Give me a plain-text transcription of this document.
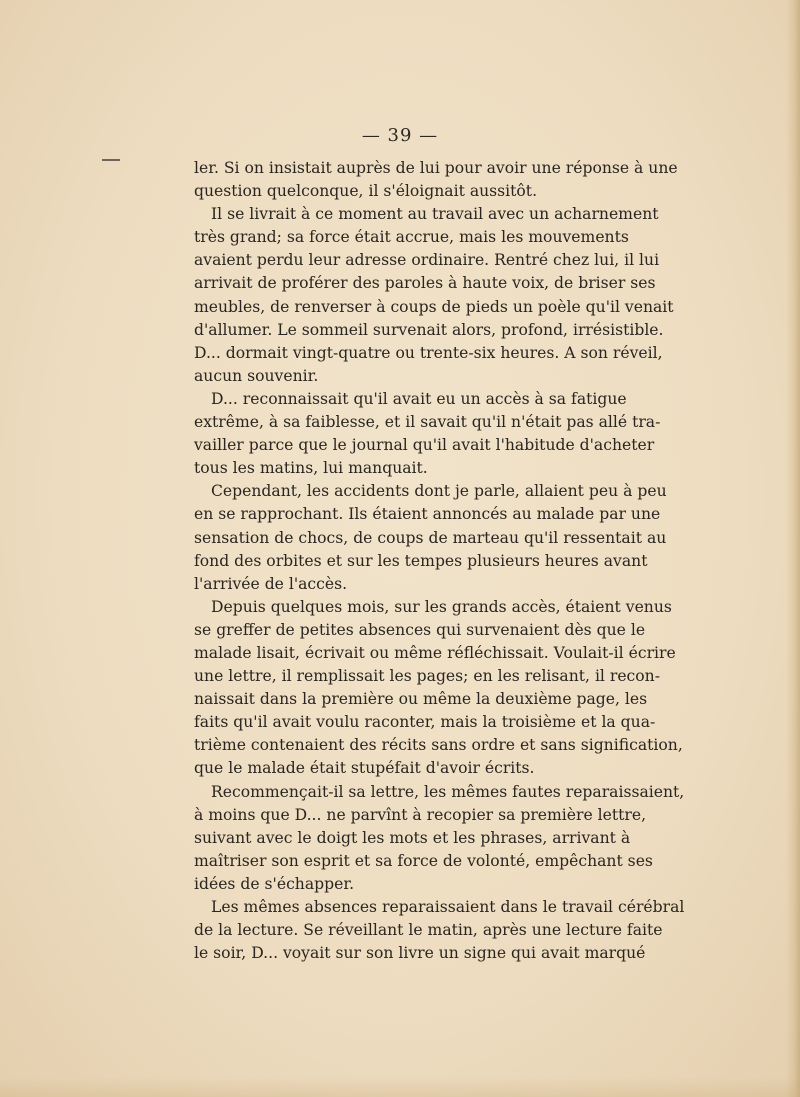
— 39 —
ler. Si on insistait auprès de lui pour avoir une réponse à une
question quelconque, il s'éloignait aussitôt.
Il se livrait à ce moment au travail avec un acharnement
très grand; sa force était accrue, mais les mouvements
avaient perdu leur adresse ordinaire. Rentré chez lui, il lui
arrivait de proférer des paroles à haute voix, de briser ses
meubles, de renverser à coups de pieds un poèle qu'il venait
d'allumer. Le sommeil survenait alors, profond, irrésistible.
D... dormait vingt-quatre ou trente-six heures. A son réveil,
aucun souvenir.
D... reconnaissait qu'il avait eu un accès à sa fatigue
extrême, à sa faiblesse, et il savait qu'il n'était pas allé tra-
vailler parce que le journal qu'il avait l'habitude d'acheter
tous les matins, lui manquait.
Cependant, les accidents dont je parle, allaient peu à peu
en se rapprochant. Ils étaient annoncés au malade par une
sensation de chocs, de coups de marteau qu'il ressentait au
fond des orbites et sur les tempes plusieurs heures avant
l'arrivée de l'accès.
Depuis quelques mois, sur les grands accès, étaient venus
se greffer de petites absences qui survenaient dès que le
malade lisait, écrivait ou même réfléchissait. Voulait-il écrire
une lettre, il remplissait les pages; en les relisant, il recon-
naissait dans la première ou même la deuxième page, les
faits qu'il avait voulu raconter, mais la troisième et la qua-
trième contenaient des récits sans ordre et sans signification,
que le malade était stupéfait d'avoir écrits.
Recommençait-il sa lettre, les mêmes fautes reparaissaient,
à moins que D... ne parvînt à recopier sa première lettre,
suivant avec le doigt les mots et les phrases, arrivant à
maîtriser son esprit et sa force de volonté, empêchant ses
idées de s'échapper.
Les mêmes absences reparaissaient dans le travail cérébral
de la lecture. Se réveillant le matin, après une lecture faite
le soir, D... voyait sur son livre un signe qui avait marqué
